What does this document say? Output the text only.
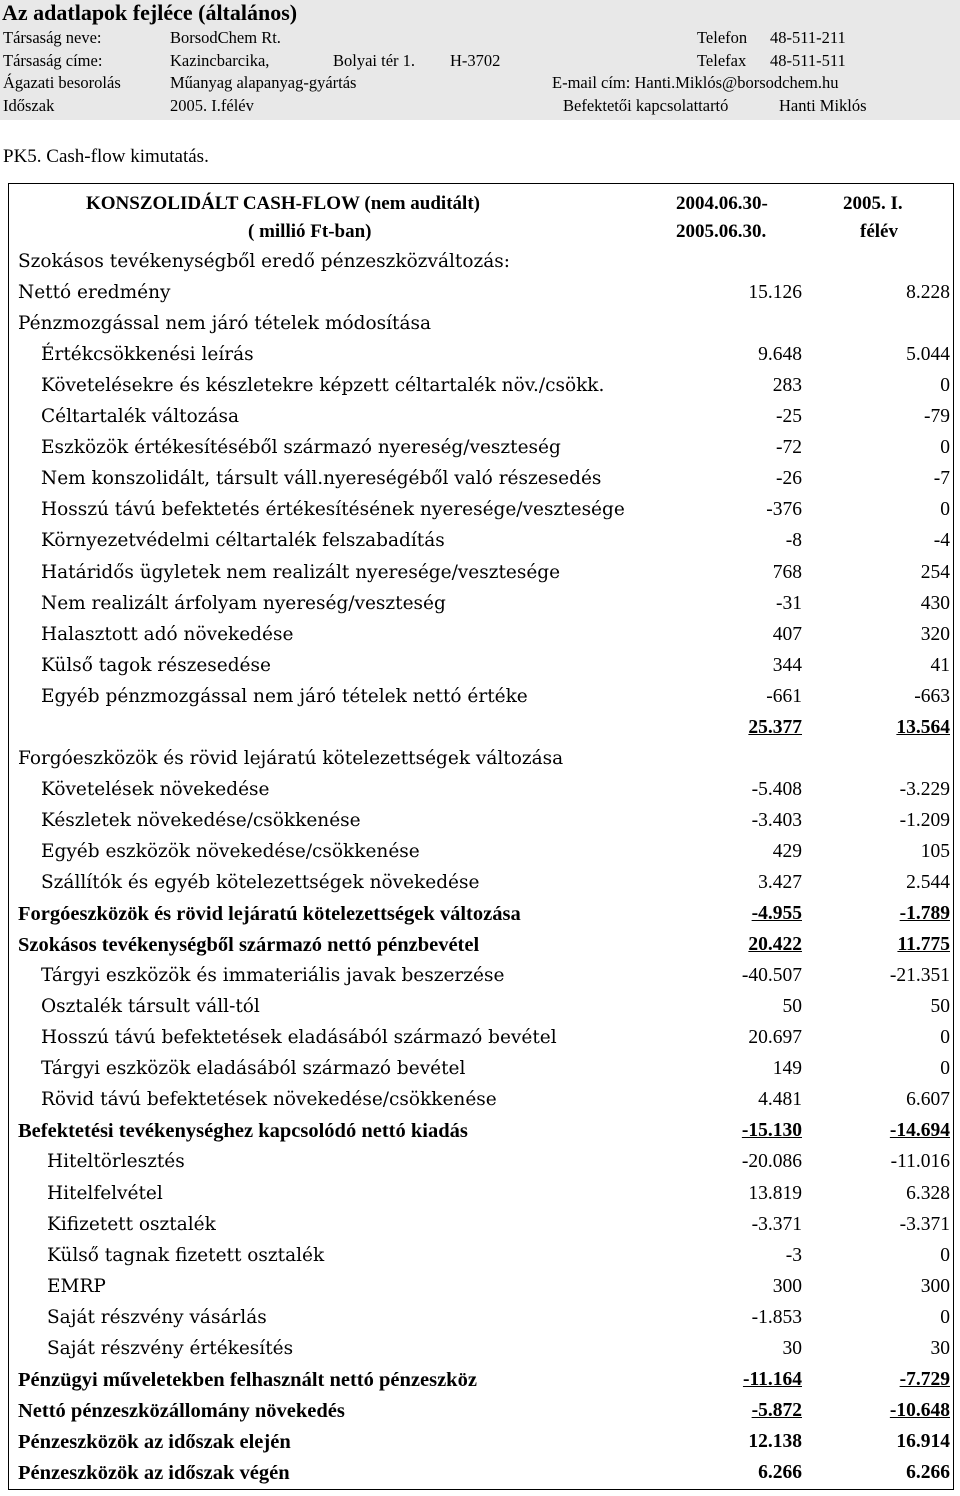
Az adatlapok fejléce (általános)
Társaság neve:	BorsodChem Rt.	Telefon 48-511-211
Társaság címe:	Kazincbarcika,	Bolyai tér 1. H-3702	Telefax 48-511-511
Ágazati besorolás	Műanyag alapanyag-gyártás	E-mail cím: Hanti.Miklós@borsodchem.hu
Időszak	2005. I.félév	Befektetői kapcsolattartó	Hanti Miklós
PK5. Cash-flow kimutatás.
KONSZOLIDÁLT CASH-FLOW (nem auditált)
( millió Ft-ban)
2004.06.30-
2005.06.30.
2005. I.
félév
Szokásos tevékenységből eredő pénzeszközváltozás:
Nettó eredmény	15.126	8.228
Pénzmozgással nem járó tételek módosítása
Értékcsökkenési leírás	9.648	5.044
Követelésekre és készletekre képzett céltartalék növ./csökk.	283	0
Céltartalék változása	-25	-79
Eszközök értékesítéséből származó nyereség/veszteség	-72	0
Nem konszolidált, társult váll.nyereségéből való részesedés	-26	-7
Hosszú távú befektetés értékesítésének nyeresége/vesztesége	-376	0
Környezetvédelmi céltartalék felszabadítás	-8	-4
Határidős ügyletek nem realizált nyeresége/vesztesége	768	254
Nem realizált árfolyam nyereség/veszteség	-31	430
Halasztott adó növekedése	407	320
Külső tagok részesedése	344	41
Egyéb pénzmozgással nem járó tételek nettó értéke	-661	-663
25.377	13.564
Forgóeszközök és rövid lejáratú kötelezettségek változása
Követelések növekedése	-5.408	-3.229
Készletek növekedése/csökkenése	-3.403	-1.209
Egyéb eszközök növekedése/csökkenése	429	105
Szállítók és egyéb kötelezettségek növekedése	3.427	2.544
Forgóeszközök és rövid lejáratú kötelezettségek változása	-4.955	-1.789
Szokásos tevékenységből származó nettó pénzbevétel	20.422	11.775
Tárgyi eszközök és immateriális javak beszerzése	-40.507	-21.351
Osztalék társult váll-tól	50	50
Hosszú távú befektetések eladásából származó bevétel	20.697	0
Tárgyi eszközök eladásából származó bevétel	149	0
Rövid távú befektetések növekedése/csökkenése	4.481	6.607
Befektetési tevékenységhez kapcsolódó nettó kiadás	-15.130	-14.694
Hiteltörlesztés	-20.086	-11.016
Hitelfelvétel	13.819	6.328
Kifizetett osztalék	-3.371	-3.371
Külső tagnak fizetett osztalék	-3	0
EMRP	300	300
Saját részvény vásárlás	-1.853	0
Saját részvény értékesítés	30	30
Pénzügyi műveletekben felhasznált nettó pénzeszköz	-11.164	-7.729
Nettó pénzeszközállomány növekedés	-5.872	-10.648
Pénzeszközök az időszak elején	12.138	16.914
Pénzeszközök az időszak végén	6.266	6.266
